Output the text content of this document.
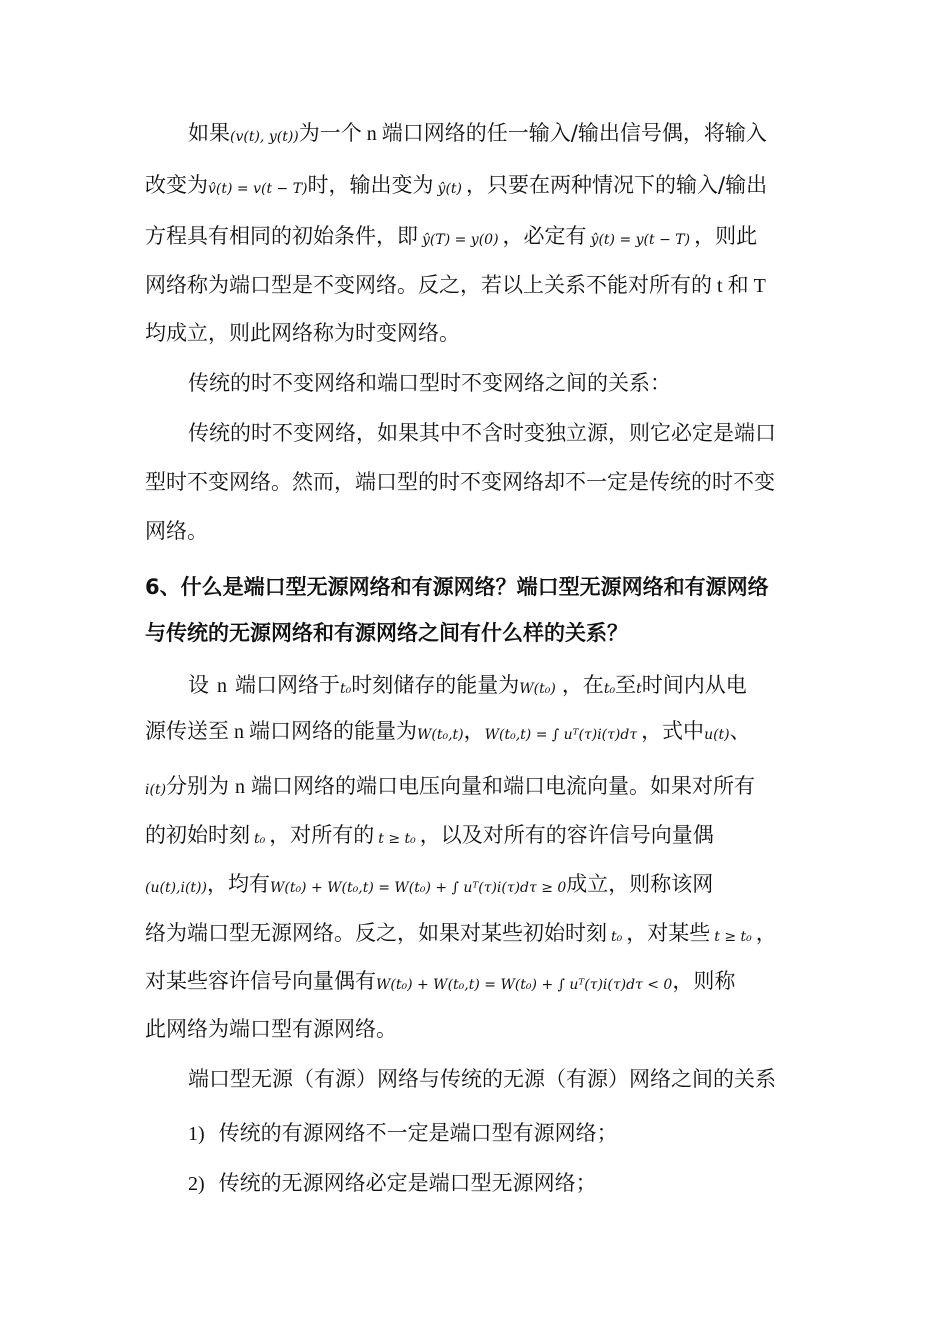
如果(v(t), y(t))为一个 n 端口网络的任一输入/输出信号偶，将输入
改变为v̂(t) = v(t − T)时，输出变为 ŷ(t) ，只要在两种情况下的输入/输出
方程具有相同的初始条件，即 ŷ(T) = y(0) ，必定有 ŷ(t) = y(t − T) ，则此
网络称为端口型是不变网络。反之，若以上关系不能对所有的 t 和 T
均成立，则此网络称为时变网络。
传统的时不变网络和端口型时不变网络之间的关系：
传统的时不变网络，如果其中不含时变独立源，则它必定是端口
型时不变网络。然而，端口型的时不变网络却不一定是传统的时不变
网络。
6、什么是端口型无源网络和有源网络？端口型无源网络和有源网络
与传统的无源网络和有源网络之间有什么样的关系？
设 n 端口网络于t₀时刻储存的能量为W(t₀) ，在t₀至t时间内从电
源传送至 n 端口网络的能量为W(t₀,t)，W(t₀,t) = ∫ uᵀ(τ)i(τ)dτ ，式中u(t)、
i(t)分别为 n 端口网络的端口电压向量和端口电流向量。如果对所有
的初始时刻 t₀ ，对所有的 t ≥ t₀ ，以及对所有的容许信号向量偶
(u(t),i(t))，均有W(t₀) + W(t₀,t) = W(t₀) + ∫ uᵀ(τ)i(τ)dτ ≥ 0成立，则称该网
络为端口型无源网络。反之，如果对某些初始时刻 t₀ ，对某些 t ≥ t₀ ，
对某些容许信号向量偶有W(t₀) + W(t₀,t) = W(t₀) + ∫ uᵀ(τ)i(τ)dτ < 0，则称
此网络为端口型有源网络。
端口型无源（有源）网络与传统的无源（有源）网络之间的关系
1) 传统的有源网络不一定是端口型有源网络；
2) 传统的无源网络必定是端口型无源网络；
